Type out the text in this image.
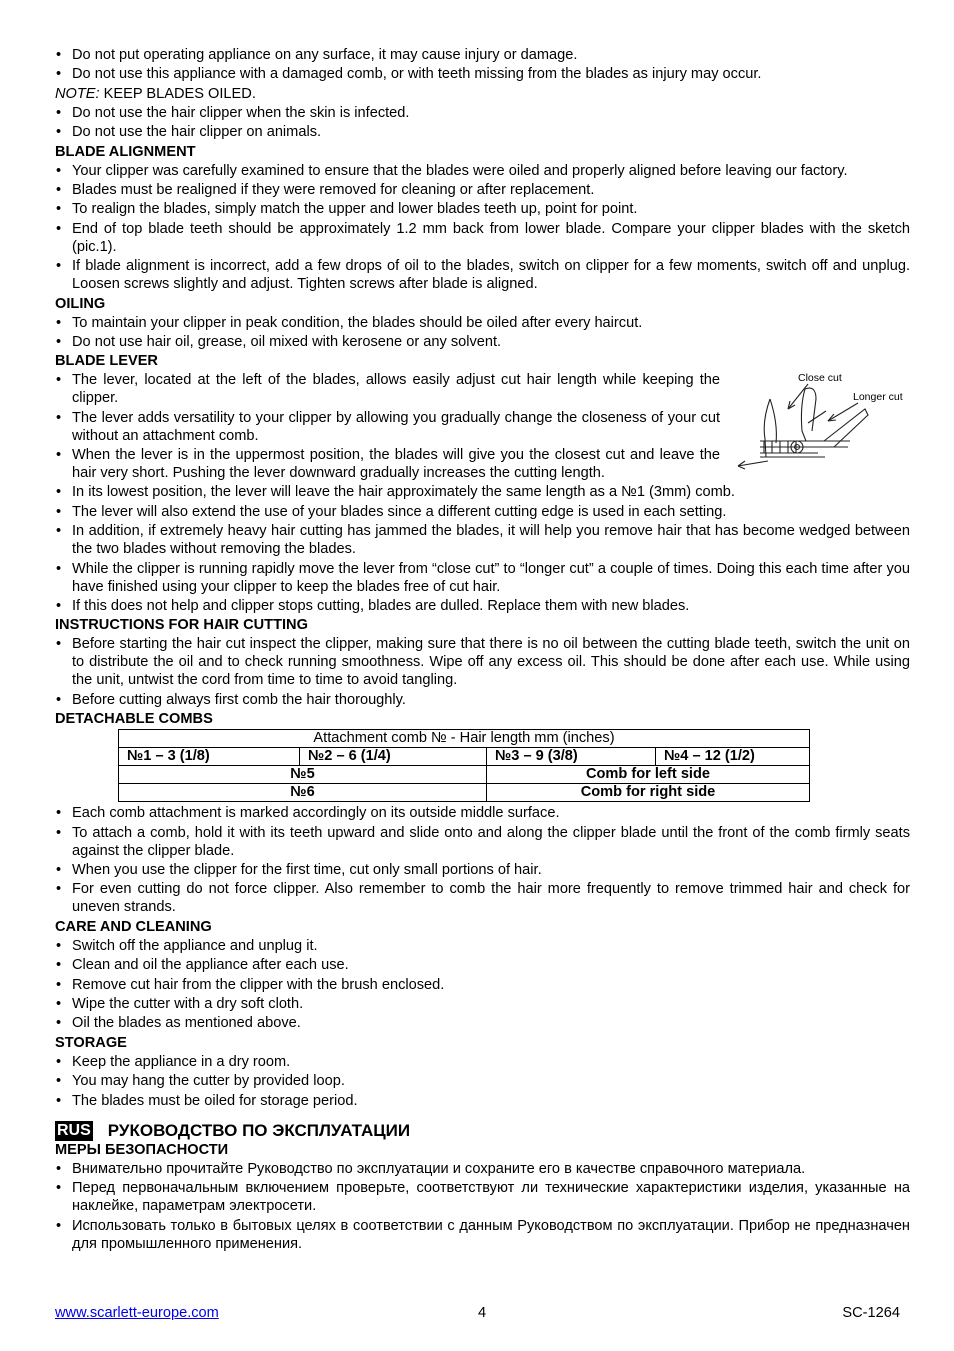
• Do not put operating appliance on any surface, it may cause injury or damage.
• Do not use this appliance with a damaged comb, or with teeth missing from the blades as injury may occur.
NOTE: KEEP BLADES OILED.
• Do not use the hair clipper when the skin is infected.
• Do not use the hair clipper on animals.
BLADE ALIGNMENT
• Your clipper was carefully examined to ensure that the blades were oiled and properly aligned before leaving our factory.
• Blades must be realigned if they were removed for cleaning or after replacement.
• To realign the blades, simply match the upper and lower blades teeth up, point for point.
• End of top blade teeth should be approximately 1.2 mm back from lower blade. Compare your clipper blades with the sketch (pic.1).
• If blade alignment is incorrect, add a few drops of oil to the blades, switch on clipper for a few moments, switch off and unplug. Loosen screws slightly and adjust. Tighten screws after blade is aligned.
OILING
• To maintain your clipper in peak condition, the blades should be oiled after every haircut.
• Do not use hair oil, grease, oil mixed with kerosene or any solvent.
BLADE LEVER
• The lever, located at the left of the blades, allows easily adjust cut hair length while keeping the clipper.
• The lever adds versatility to your clipper by allowing you gradually change the closeness of your cut without an attachment comb.
• When the lever is in the uppermost position, the blades will give you the closest cut and leave the hair very short. Pushing the lever downward gradually increases the cutting length.
Close cut
Longer cut
• In its lowest position, the lever will leave the hair approximately the same length as a №1 (3mm) comb.
• The lever will also extend the use of your blades since a different cutting edge is used in each setting.
• In addition, if extremely heavy hair cutting has jammed the blades, it will help you remove hair that has become wedged between the two blades without removing the blades.
• While the clipper is running rapidly move the lever from “close cut” to “longer cut” a couple of times. Doing this each time after you have finished using your clipper to keep the blades free of cut hair.
• If this does not help and clipper stops cutting, blades are dulled. Replace them with new blades.
INSTRUCTIONS FOR HAIR CUTTING
• Before starting the hair cut inspect the clipper, making sure that there is no oil between the cutting blade teeth, switch the unit on to distribute the oil and to check running smoothness. Wipe off any excess oil. This should be done after each use. While using the unit, untwist the cord from time to time to avoid tangling.
• Before cutting always first comb the hair thoroughly.
DETACHABLE COMBS
Attachment comb № - Hair length mm (inches)			
№1 – 3 (1/8)	№2 – 6 (1/4)	№3 – 9 (3/8)	№4 – 12 (1/2)
№5		Comb for left side	
№6		Comb for right side	
• Each comb attachment is marked accordingly on its outside middle surface.
• To attach a comb, hold it with its teeth upward and slide onto and along the clipper blade until the front of the comb firmly seats against the clipper blade.
• When you use the clipper for the first time, cut only small portions of hair.
• For even cutting do not force clipper. Also remember to comb the hair more frequently to remove trimmed hair and check for uneven strands.
CARE AND CLEANING
• Switch off the appliance and unplug it.
• Clean and oil the appliance after each use.
• Remove cut hair from the clipper with the brush enclosed.
• Wipe the cutter with a dry soft cloth.
• Oil the blades as mentioned above.
STORAGE
• Keep the appliance in a dry room.
• You may hang the cutter by provided loop.
• The blades must be oiled for storage period.
RUS РУКОВОДСТВО ПО ЭКСПЛУАТАЦИИ
МЕРЫ БЕЗОПАСНОСТИ
• Внимательно прочитайте Руководство по эксплуатации и сохраните его в качестве справочного материала.
• Перед первоначальным включением проверьте, соответствуют ли технические характеристики изделия, указанные на наклейке, параметрам электросети.
• Использовать только в бытовых целях в соответствии с данным Руководством по эксплуатации. Прибор не предназначен для промышленного применения.
www.scarlett-europe.com	4	SC-1264
